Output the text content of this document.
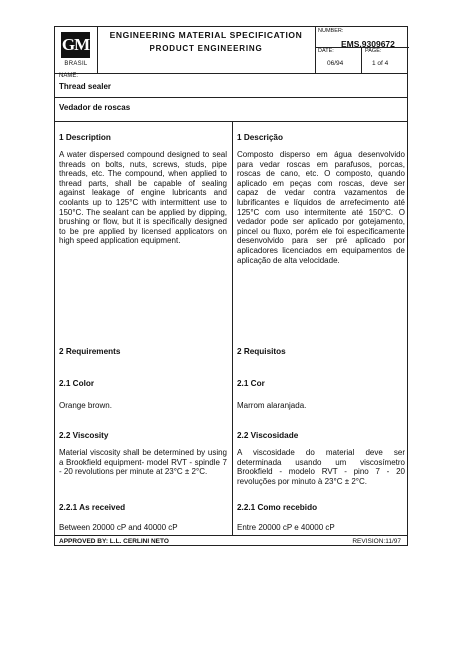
GM
BRASIL
ENGINEERING MATERIAL SPECIFICATION
PRODUCT ENGINEERING
NUMBER:
EMS.9309672
DATE:
06/94
PAGE:
1 of 4
NAME:
Thread sealer
Vedador de roscas
1 Description
A water dispersed compound designed to seal threads on bolts, nuts, screws, studs, pipe threads, etc. The compound, when applied to thread parts, shall be capable of sealing against leakage of engine lubricants and coolants up to 125°C with intermittent use to 150°C. The sealant can be applied by dipping, brushing or flow, but it is specifically designed to be pre applied by licensed applicators on high speed application equipment.
2 Requirements
2.1 Color
Orange brown.
2.2 Viscosity
Material viscosity shall be determined by using a Brookfield equipment- model RVT - spindle 7 - 20 revolutions per minute at 23°C ± 2°C.
2.2.1 As received
Between 20000 cP and 40000 cP
1 Descrição
Composto disperso em água desenvolvido para vedar roscas em parafusos, porcas, roscas de cano, etc. O composto, quando aplicado em peças com roscas, deve ser capaz de vedar contra vazamentos de lubrificantes e líquidos de arrefecimento até 125°C com uso intermitente até 150°C. O vedador pode ser aplicado por gotejamento, pincel ou fluxo, porém ele foi especificamente desenvolvido para ser pré aplicado por aplicadores licenciados em equipamentos de aplicação de alta velocidade.
2 Requisitos
2.1 Cor
Marrom alaranjada.
2.2 Viscosidade
A viscosidade do material deve ser determinada usando um viscosímetro Brookfield - modelo RVT - pino 7 - 20 revoluções por minuto à 23°C ± 2°C.
2.2.1 Como recebido
Entre 20000 cP e 40000 cP
APPROVED BY: L.L. CERLINI NETO	REVISION:11/97
